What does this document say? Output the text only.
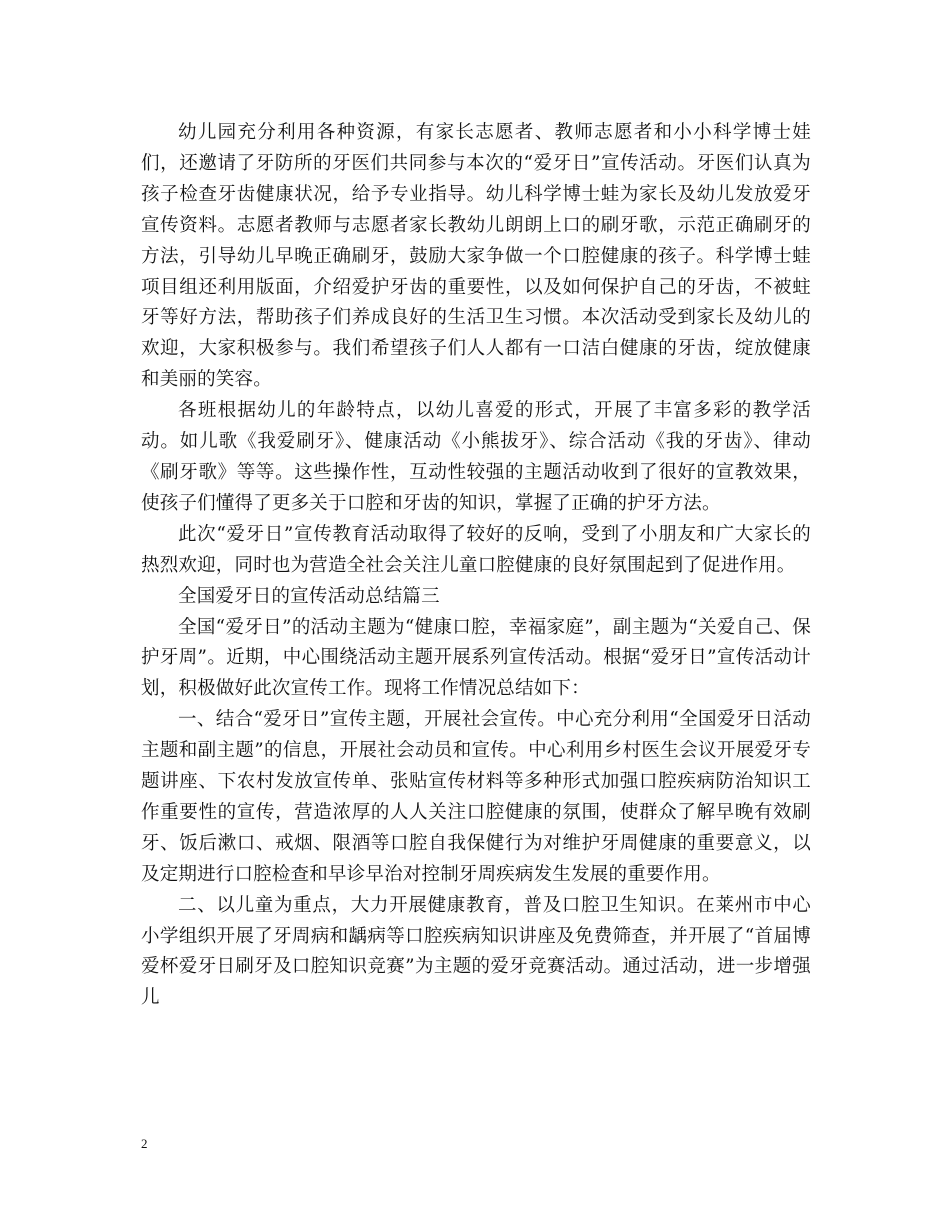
幼儿园充分利用各种资源，有家长志愿者、教师志愿者和小小科学博士娃们，还邀请了牙防所的牙医们共同参与本次的“爱牙日”宣传活动。牙医们认真为孩子检查牙齿健康状况，给予专业指导。幼儿科学博士蛙为家长及幼儿发放爱牙宣传资料。志愿者教师与志愿者家长教幼儿朗朗上口的刷牙歌，示范正确刷牙的方法，引导幼儿早晚正确刷牙，鼓励大家争做一个口腔健康的孩子。科学博士蛙项目组还利用版面，介绍爱护牙齿的重要性，以及如何保护自己的牙齿，不被蛀牙等好方法，帮助孩子们养成良好的生活卫生习惯。本次活动受到家长及幼儿的欢迎，大家积极参与。我们希望孩子们人人都有一口洁白健康的牙齿，绽放健康和美丽的笑容。

各班根据幼儿的年龄特点，以幼儿喜爱的形式，开展了丰富多彩的教学活动。如儿歌《我爱刷牙》、健康活动《小熊拔牙》、综合活动《我的牙齿》、律动《刷牙歌》等等。这些操作性，互动性较强的主题活动收到了很好的宣教效果，使孩子们懂得了更多关于口腔和牙齿的知识，掌握了正确的护牙方法。

此次“爱牙日”宣传教育活动取得了较好的反响，受到了小朋友和广大家长的热烈欢迎，同时也为营造全社会关注儿童口腔健康的良好氛围起到了促进作用。

全国爱牙日的宣传活动总结篇三

全国“爱牙日”的活动主题为“健康口腔，幸福家庭”，副主题为“关爱自己、保护牙周”。近期，中心围绕活动主题开展系列宣传活动。根据“爱牙日”宣传活动计划，积极做好此次宣传工作。现将工作情况总结如下：

一、结合“爱牙日”宣传主题，开展社会宣传。中心充分利用“全国爱牙日活动主题和副主题”的信息，开展社会动员和宣传。中心利用乡村医生会议开展爱牙专题讲座、下农村发放宣传单、张贴宣传材料等多种形式加强口腔疾病防治知识工作重要性的宣传，营造浓厚的人人关注口腔健康的氛围，使群众了解早晚有效刷牙、饭后漱口、戒烟、限酒等口腔自我保健行为对维护牙周健康的重要意义，以及定期进行口腔检查和早诊早治对控制牙周疾病发生发展的重要作用。

二、以儿童为重点，大力开展健康教育，普及口腔卫生知识。在莱州市中心小学组织开展了牙周病和龋病等口腔疾病知识讲座及免费筛查，并开展了“首届博爱杯爱牙日刷牙及口腔知识竞赛”为主题的爱牙竞赛活动。通过活动，进一步增强儿

2
